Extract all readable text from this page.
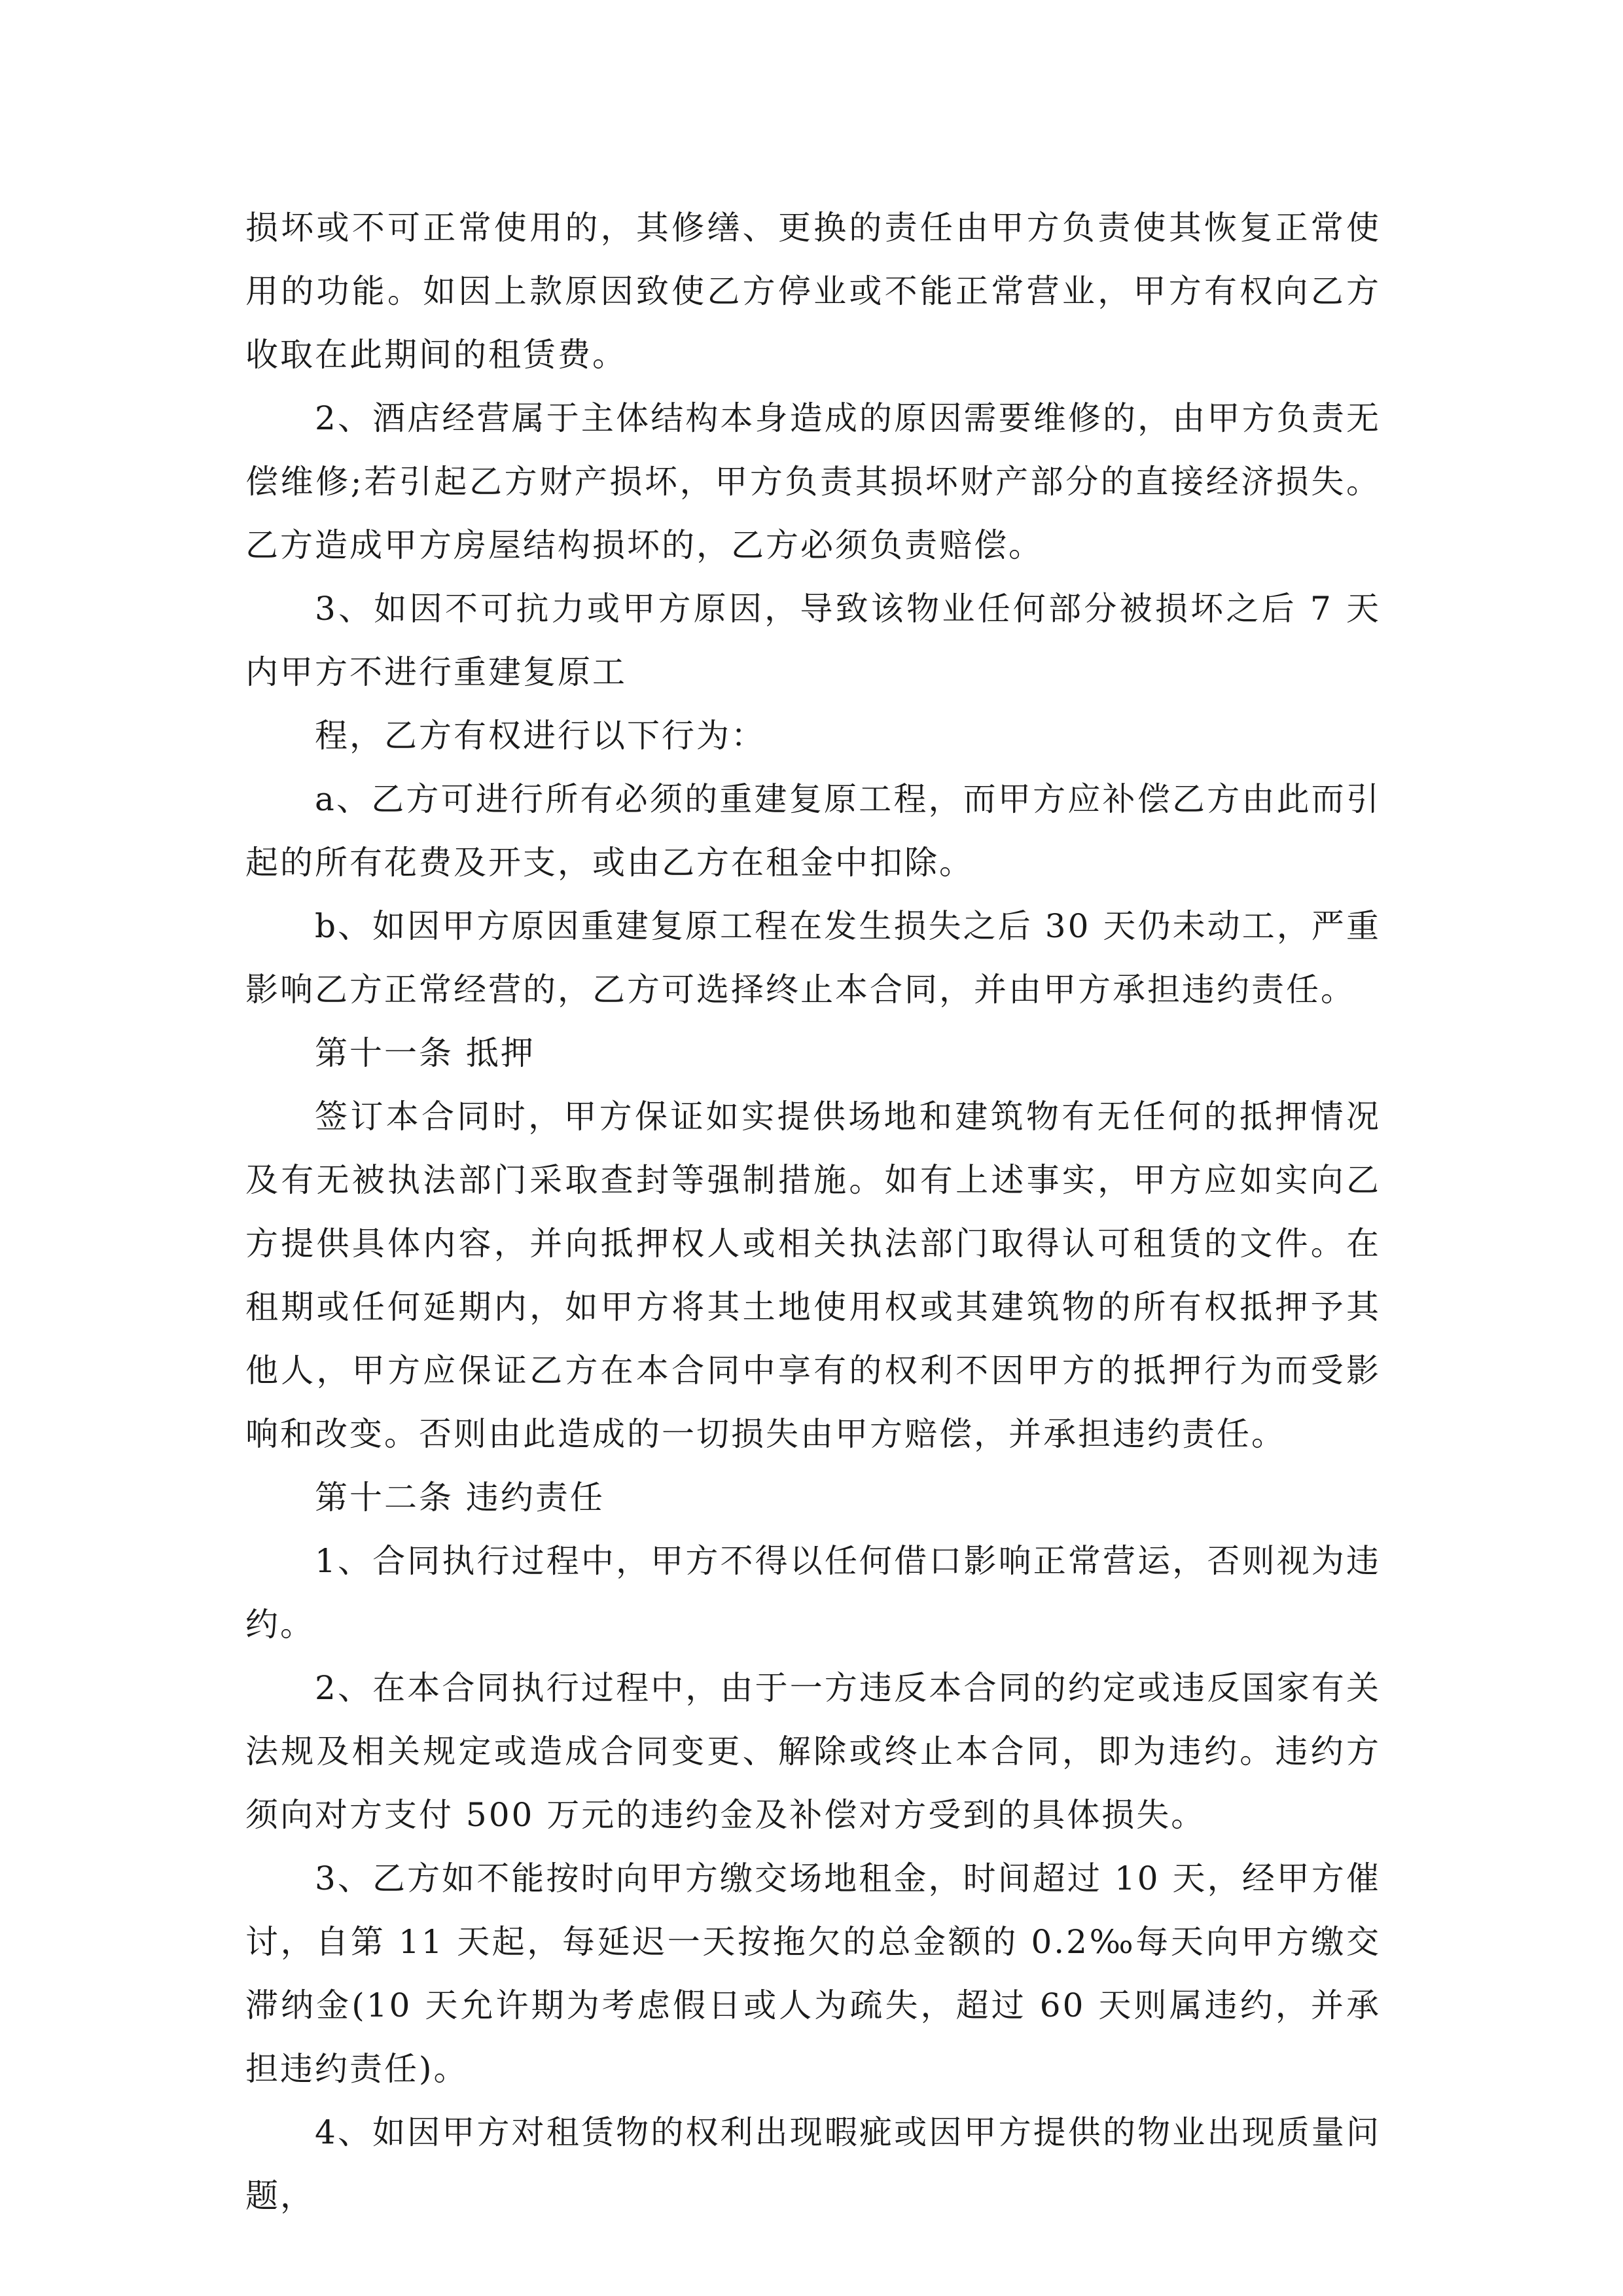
损坏或不可正常使用的，其修缮、更换的责任由甲方负责使其恢复正常使用的功能。如因上款原因致使乙方停业或不能正常营业，甲方有权向乙方收取在此期间的租赁费。

2、酒店经营属于主体结构本身造成的原因需要维修的，由甲方负责无偿维修;若引起乙方财产损坏，甲方负责其损坏财产部分的直接经济损失。乙方造成甲方房屋结构损坏的，乙方必须负责赔偿。

3、如因不可抗力或甲方原因，导致该物业任何部分被损坏之后 7 天内甲方不进行重建复原工

程，乙方有权进行以下行为：

a、乙方可进行所有必须的重建复原工程，而甲方应补偿乙方由此而引起的所有花费及开支，或由乙方在租金中扣除。

b、如因甲方原因重建复原工程在发生损失之后 30 天仍未动工，严重影响乙方正常经营的，乙方可选择终止本合同，并由甲方承担违约责任。

第十一条 抵押

签订本合同时，甲方保证如实提供场地和建筑物有无任何的抵押情况及有无被执法部门采取查封等强制措施。如有上述事实，甲方应如实向乙方提供具体内容，并向抵押权人或相关执法部门取得认可租赁的文件。在租期或任何延期内，如甲方将其土地使用权或其建筑物的所有权抵押予其他人，甲方应保证乙方在本合同中享有的权利不因甲方的抵押行为而受影响和改变。否则由此造成的一切损失由甲方赔偿，并承担违约责任。

第十二条 违约责任

1、合同执行过程中，甲方不得以任何借口影响正常营运，否则视为违约。

2、在本合同执行过程中，由于一方违反本合同的约定或违反国家有关法规及相关规定或造成合同变更、解除或终止本合同，即为违约。违约方须向对方支付 500 万元的违约金及补偿对方受到的具体损失。

3、乙方如不能按时向甲方缴交场地租金，时间超过 10 天，经甲方催讨，自第 11 天起，每延迟一天按拖欠的总金额的 0.2‰每天向甲方缴交滞纳金(10 天允许期为考虑假日或人为疏失，超过 60 天则属违约，并承担违约责任)。

4、如因甲方对租赁物的权利出现暇疵或因甲方提供的物业出现质量问题，
